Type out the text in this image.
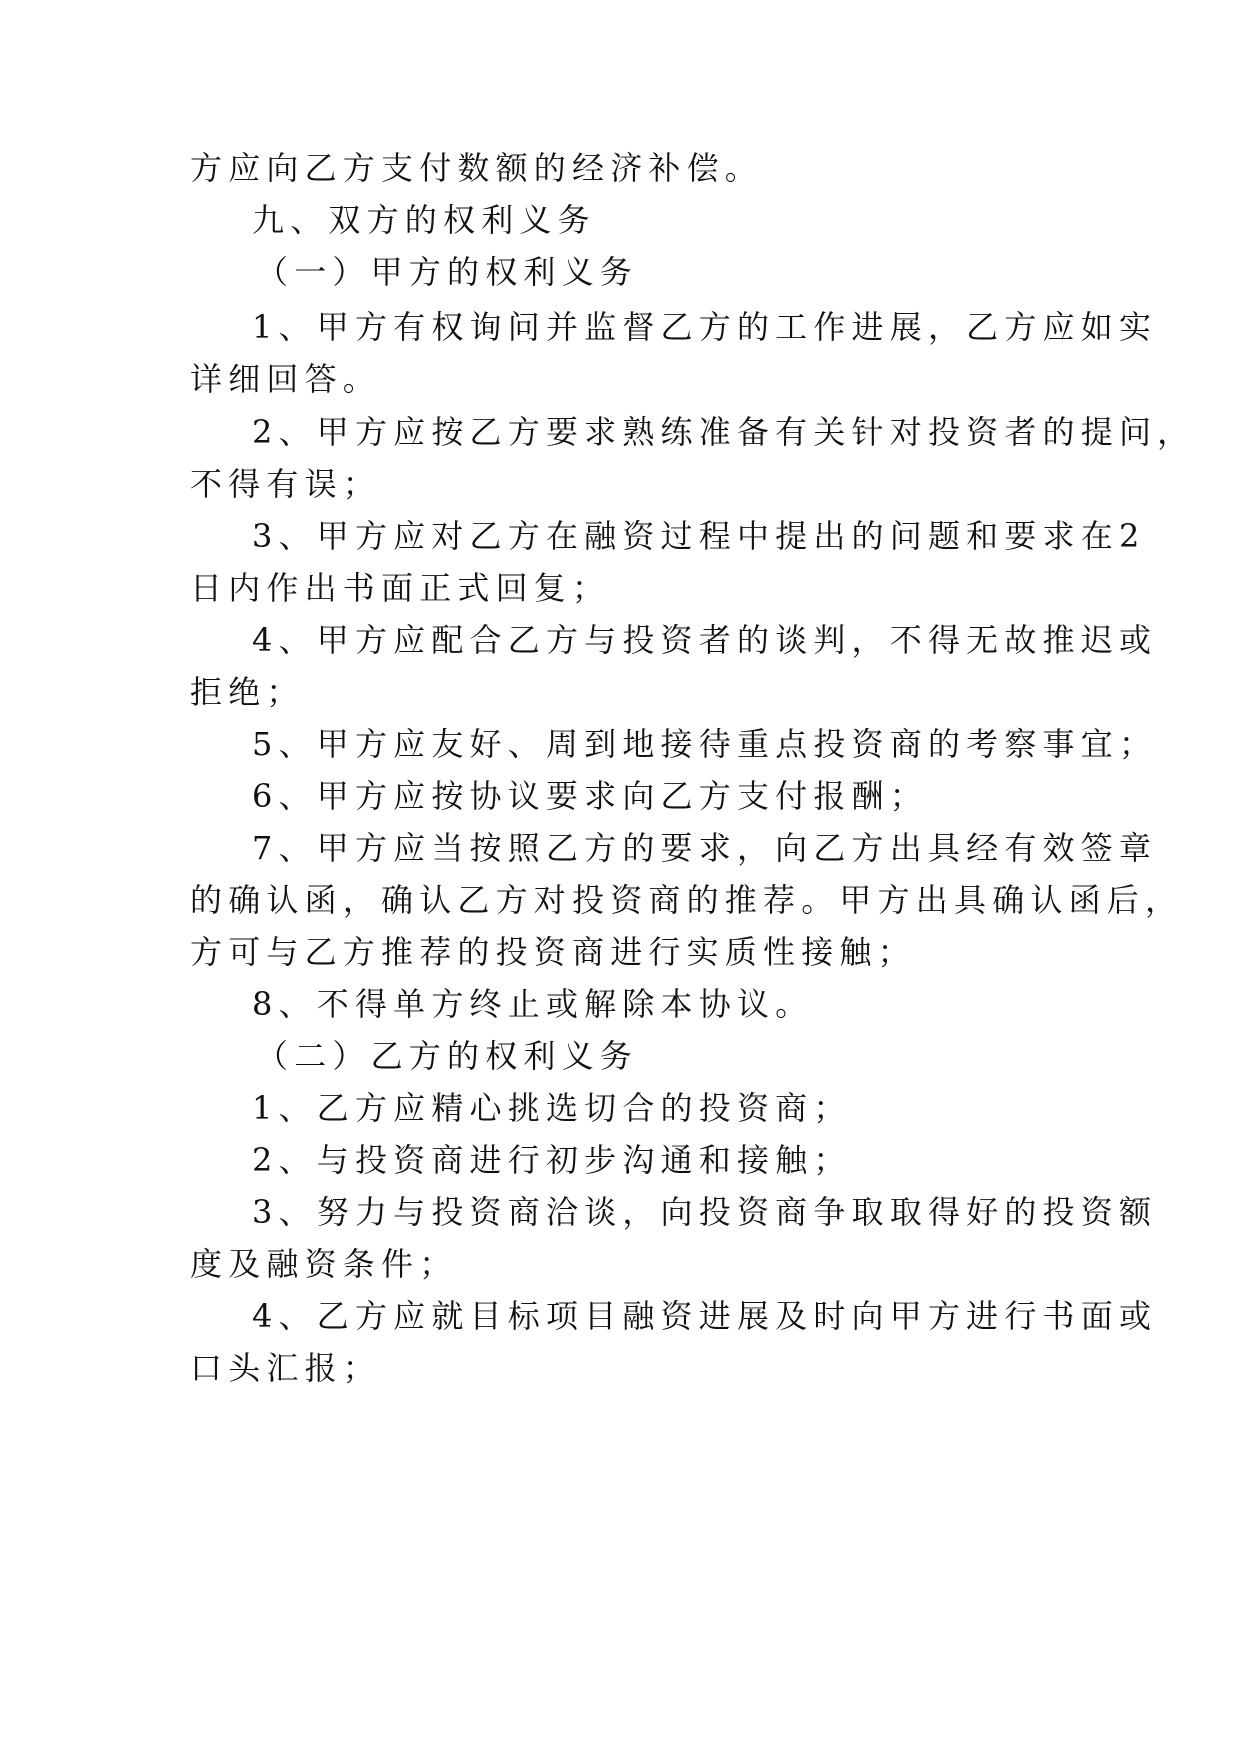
方应向乙方支付数额的经济补偿。
九、双方的权利义务
（一）甲方的权利义务
1、甲方有权询问并监督乙方的工作进展，乙方应如实
详细回答。
2、甲方应按乙方要求熟练准备有关针对投资者的提问，
不得有误；
3、甲方应对乙方在融资过程中提出的问题和要求在2
日内作出书面正式回复；
4、甲方应配合乙方与投资者的谈判，不得无故推迟或
拒绝；
5、甲方应友好、周到地接待重点投资商的考察事宜；
6、甲方应按协议要求向乙方支付报酬；
7、甲方应当按照乙方的要求，向乙方出具经有效签章
的确认函，确认乙方对投资商的推荐。甲方出具确认函后，
方可与乙方推荐的投资商进行实质性接触；
8、不得单方终止或解除本协议。
（二）乙方的权利义务
1、乙方应精心挑选切合的投资商；
2、与投资商进行初步沟通和接触；
3、努力与投资商洽谈，向投资商争取取得好的投资额
度及融资条件；
4、乙方应就目标项目融资进展及时向甲方进行书面或
口头汇报；
